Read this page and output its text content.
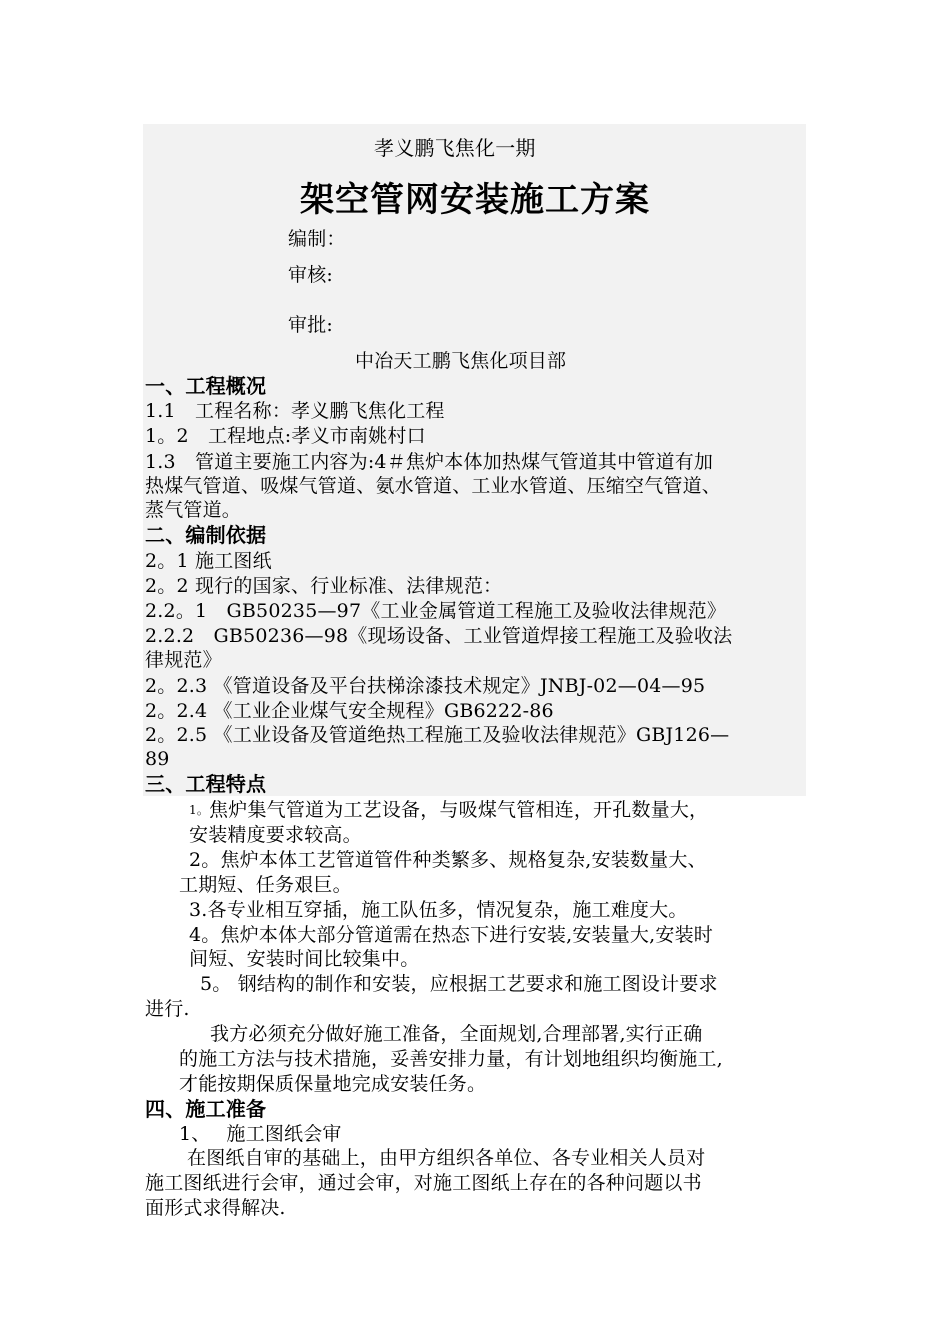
孝义鹏飞焦化一期
架空管网安装施工方案
编制：
审核:
审批:
中冶天工鹏飞焦化项目部
一、工程概况
1.1　工程名称：孝义鹏飞焦化工程
1。2　工程地点:孝义市南姚村口
1.3　管道主要施工内容为:4＃焦炉本体加热煤气管道其中管道有加
热煤气管道、吸煤气管道、氨水管道、工业水管道、压缩空气管道、
蒸气管道。
二、编制依据
2。1 施工图纸
2。2 现行的国家、行业标准、法律规范：
2.2。1　GB50235—97《工业金属管道工程施工及验收法律规范》
2.2.2　GB50236—98《现场设备、工业管道焊接工程施工及验收法
律规范》
2。2.3 《管道设备及平台扶梯涂漆技术规定》JNBJ-02—04—95
2。2.4 《工业企业煤气安全规程》GB6222-86
2。2.5 《工业设备及管道绝热工程施工及验收法律规范》GBJ126—
89
三、工程特点
1。焦炉集气管道为工艺设备，与吸煤气管相连，开孔数量大，
安装精度要求较高。
2。焦炉本体工艺管道管件种类繁多、规格复杂,安装数量大、
工期短、任务艰巨。
3.各专业相互穿插，施工队伍多，情况复杂，施工难度大。
4。焦炉本体大部分管道需在热态下进行安装,安装量大,安装时
间短、安装时间比较集中。
5。 钢结构的制作和安装，应根据工艺要求和施工图设计要求
进行.
我方必须充分做好施工准备，全面规划,合理部署,实行正确
的施工方法与技术措施，妥善安排力量，有计划地组织均衡施工,
才能按期保质保量地完成安装任务。
四、施工准备
1、　 施工图纸会审
在图纸自审的基础上，由甲方组织各单位、各专业相关人员对
施工图纸进行会审，通过会审，对施工图纸上存在的各种问题以书
面形式求得解决.
